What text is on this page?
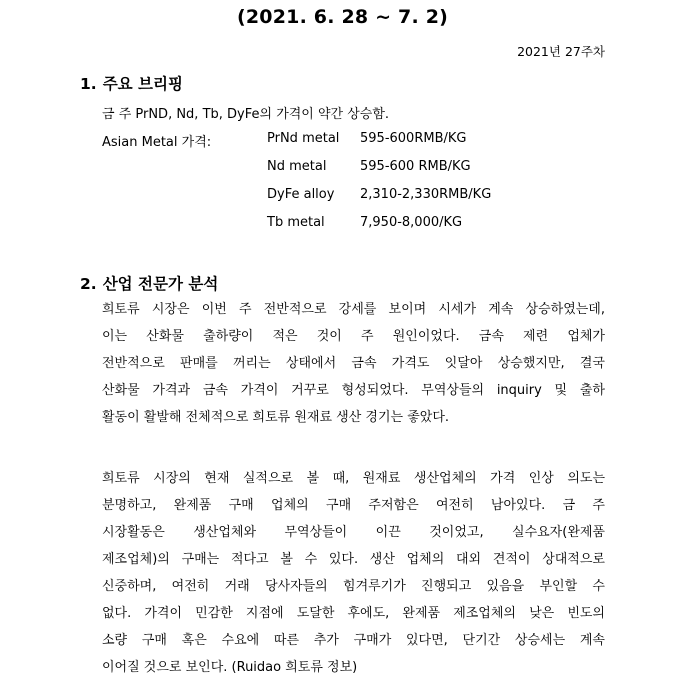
(2021. 6. 28 ~ 7. 2)
2021년 27주차
1. 주요 브리핑
금 주 PrND, Nd, Tb, DyFe의 가격이 약간 상승함.
Asian Metal 가격:	PrNd metal 595-600RMB/KG
Nd metal	595-600 RMB/KG
DyFe alloy 2,310-2,330RMB/KG
Tb metal	7,950-8,000/KG
2. 산업 전문가 분석
희토류 시장은 이번 주 전반적으로 강세를 보이며 시세가 계속 상승하였는데,
이는 산화물 출하량이 적은 것이 주 원인이었다. 금속 제련 업체가
전반적으로 판매를 꺼리는 상태에서 금속 가격도 잇달아 상승했지만, 결국
산화물 가격과 금속 가격이 거꾸로 형성되었다. 무역상들의 inquiry 및 출하
활동이 활발해 전체적으로 희토류 원재료 생산 경기는 좋았다.
희토류 시장의 현재 실적으로 볼 때, 원재료 생산업체의 가격 인상 의도는
분명하고, 완제품 구매 업체의 구매 주저함은 여전히 남아있다. 금 주
시장활동은 생산업체와 무역상들이 이끈 것이었고, 실수요자(완제품
제조업체)의 구매는 적다고 볼 수 있다. 생산 업체의 대외 견적이 상대적으로
신중하며, 여전히 거래 당사자들의 힘겨루기가 진행되고 있음을 부인할 수
없다. 가격이 민감한 지점에 도달한 후에도, 완제품 제조업체의 낮은 빈도의
소량 구매 혹은 수요에 따른 추가 구매가 있다면, 단기간 상승세는 계속
이어질 것으로 보인다. (Ruidao 희토류 정보)
